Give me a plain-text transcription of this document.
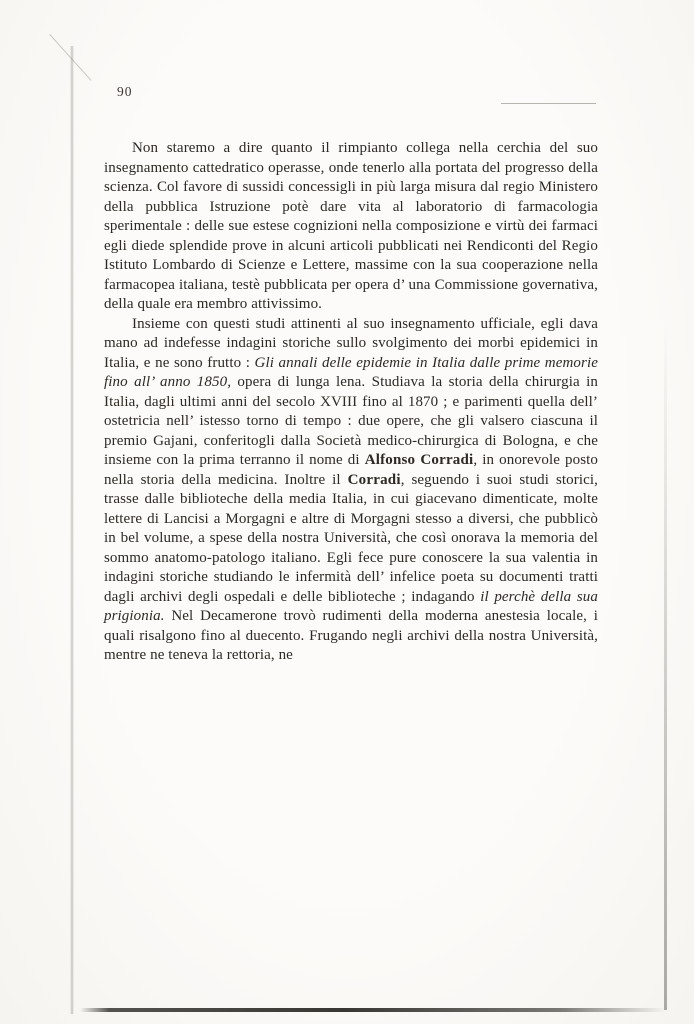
90

Non staremo a dire quanto il rimpianto collega nella cerchia del suo insegnamento cattedratico operasse, onde tenerlo alla portata del progresso della scienza. Col favore di sussidi concessigli in più larga misura dal regio Ministero della pubblica Istruzione potè dare vita al laboratorio di farmacologia sperimentale : delle sue estese cognizioni nella composizione e virtù dei farmaci egli diede splendide prove in alcuni articoli pubblicati nei Rendiconti del Regio Istituto Lombardo di Scienze e Lettere, massime con la sua cooperazione nella farmacopea italiana, testè pubblicata per opera d’ una Commissione governativa, della quale era membro attivissimo.

Insieme con questi studi attinenti al suo insegnamento ufficiale, egli dava mano ad indefesse indagini storiche sullo svolgimento dei morbi epidemici in Italia, e ne sono frutto : Gli annali delle epidemie in Italia dalle prime memorie fino all’ anno 1850, opera di lunga lena. Studiava la storia della chirurgia in Italia, dagli ultimi anni del secolo XVIII fino al 1870 ; e parimenti quella dell’ ostetricia nell’ istesso torno di tempo : due opere, che gli valsero ciascuna il premio Gajani, conferitogli dalla Società medico-chirurgica di Bologna, e che insieme con la prima terranno il nome di Alfonso Corradi, in onorevole posto nella storia della medicina. Inoltre il Corradi, seguendo i suoi studi storici, trasse dalle biblioteche della media Italia, in cui giacevano dimenticate, molte lettere di Lancisi a Morgagni e altre di Morgagni stesso a diversi, che pubblicò in bel volume, a spese della nostra Università, che così onorava la memoria del sommo anatomo-patologo italiano. Egli fece pure conoscere la sua valentia in indagini storiche studiando le infermità dell’ infelice poeta su documenti tratti dagli archivi degli ospedali e delle biblioteche ; indagando il perchè della sua prigionia. Nel Decamerone trovò rudimenti della moderna anestesia locale, i quali risalgono fino al duecento. Frugando negli archivi della nostra Università, mentre ne teneva la rettoria, ne
